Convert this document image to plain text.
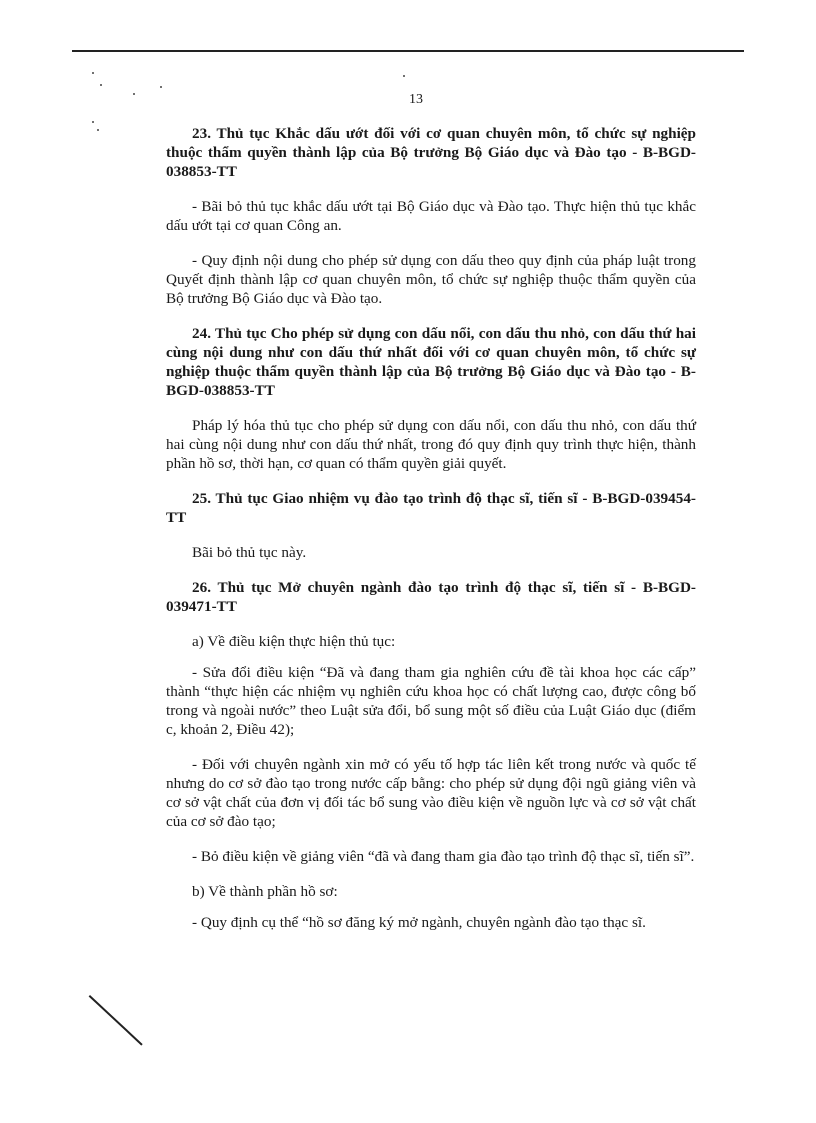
13

23. Thủ tục Khắc dấu ướt đối với cơ quan chuyên môn, tổ chức sự nghiệp thuộc thẩm quyền thành lập của Bộ trưởng Bộ Giáo dục và Đào tạo - B-BGD-038853-TT

- Bãi bỏ thủ tục khắc dấu ướt tại Bộ Giáo dục và Đào tạo. Thực hiện thủ tục khắc dấu ướt tại cơ quan Công an.

- Quy định nội dung cho phép sử dụng con dấu theo quy định của pháp luật trong Quyết định thành lập cơ quan chuyên môn, tổ chức sự nghiệp thuộc thẩm quyền của Bộ trưởng Bộ Giáo dục và Đào tạo.

24. Thủ tục Cho phép sử dụng con dấu nổi, con dấu thu nhỏ, con dấu thứ hai cùng nội dung như con dấu thứ nhất đối với cơ quan chuyên môn, tổ chức sự nghiệp thuộc thẩm quyền thành lập của Bộ trưởng Bộ Giáo dục và Đào tạo - B-BGD-038853-TT

Pháp lý hóa thủ tục cho phép sử dụng con dấu nổi, con dấu thu nhỏ, con dấu thứ hai cùng nội dung như con dấu thứ nhất, trong đó quy định quy trình thực hiện, thành phần hồ sơ, thời hạn, cơ quan có thẩm quyền giải quyết.

25. Thủ tục Giao nhiệm vụ đào tạo trình độ thạc sĩ, tiến sĩ - B-BGD-039454-TT

Bãi bỏ thủ tục này.

26. Thủ tục Mở chuyên ngành đào tạo trình độ thạc sĩ, tiến sĩ - B-BGD-039471-TT

a) Về điều kiện thực hiện thủ tục:

- Sửa đổi điều kiện “Đã và đang tham gia nghiên cứu đề tài khoa học các cấp” thành “thực hiện các nhiệm vụ nghiên cứu khoa học có chất lượng cao, được công bố trong và ngoài nước” theo Luật sửa đổi, bổ sung một số điều của Luật Giáo dục (điểm c, khoản 2, Điều 42);

- Đối với chuyên ngành xin mở có yếu tố hợp tác liên kết trong nước và quốc tế nhưng do cơ sở đào tạo trong nước cấp bằng: cho phép sử dụng đội ngũ giảng viên và cơ sở vật chất của đơn vị đối tác bổ sung vào điều kiện về nguồn lực và cơ sở vật chất của cơ sở đào tạo;

- Bỏ điều kiện về giảng viên “đã và đang tham gia đào tạo trình độ thạc sĩ, tiến sĩ”.

b) Về thành phần hồ sơ:

- Quy định cụ thể “hồ sơ đăng ký mở ngành, chuyên ngành đào tạo thạc sĩ.
